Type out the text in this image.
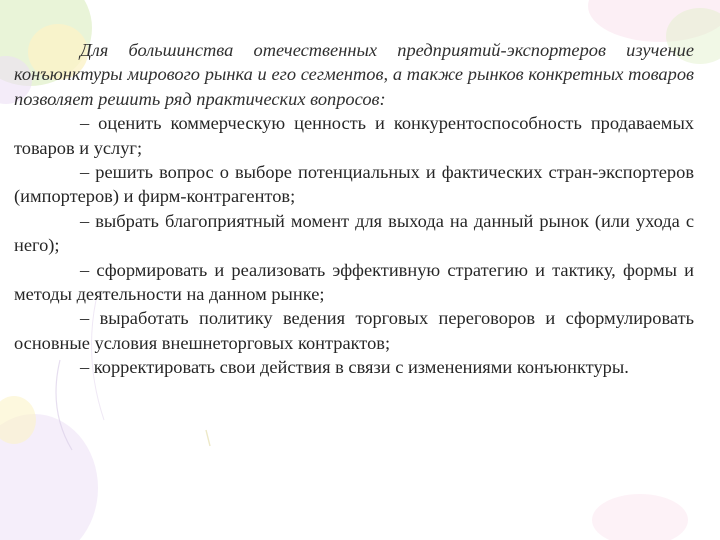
Для большинства отечественных предприятий-экспортеров изучение конъюнктуры мирового рынка и его сегментов, а также рынков конкретных товаров позволяет решить ряд практических вопросов:

– оценить коммерческую ценность и конкурентоспособность продаваемых товаров и услуг;

– решить вопрос о выборе потенциальных и фактических стран-экспортеров (импортеров) и фирм-контрагентов;

– выбрать благоприятный момент для выхода на данный рынок (или ухода с него);

– сформировать и реализовать эффективную стратегию и тактику, формы и методы деятельности на данном рынке;

– выработать политику ведения торговых переговоров и сформулировать основные условия внешнеторговых контрактов;

– корректировать свои действия в связи с изменениями конъюнктуры.
